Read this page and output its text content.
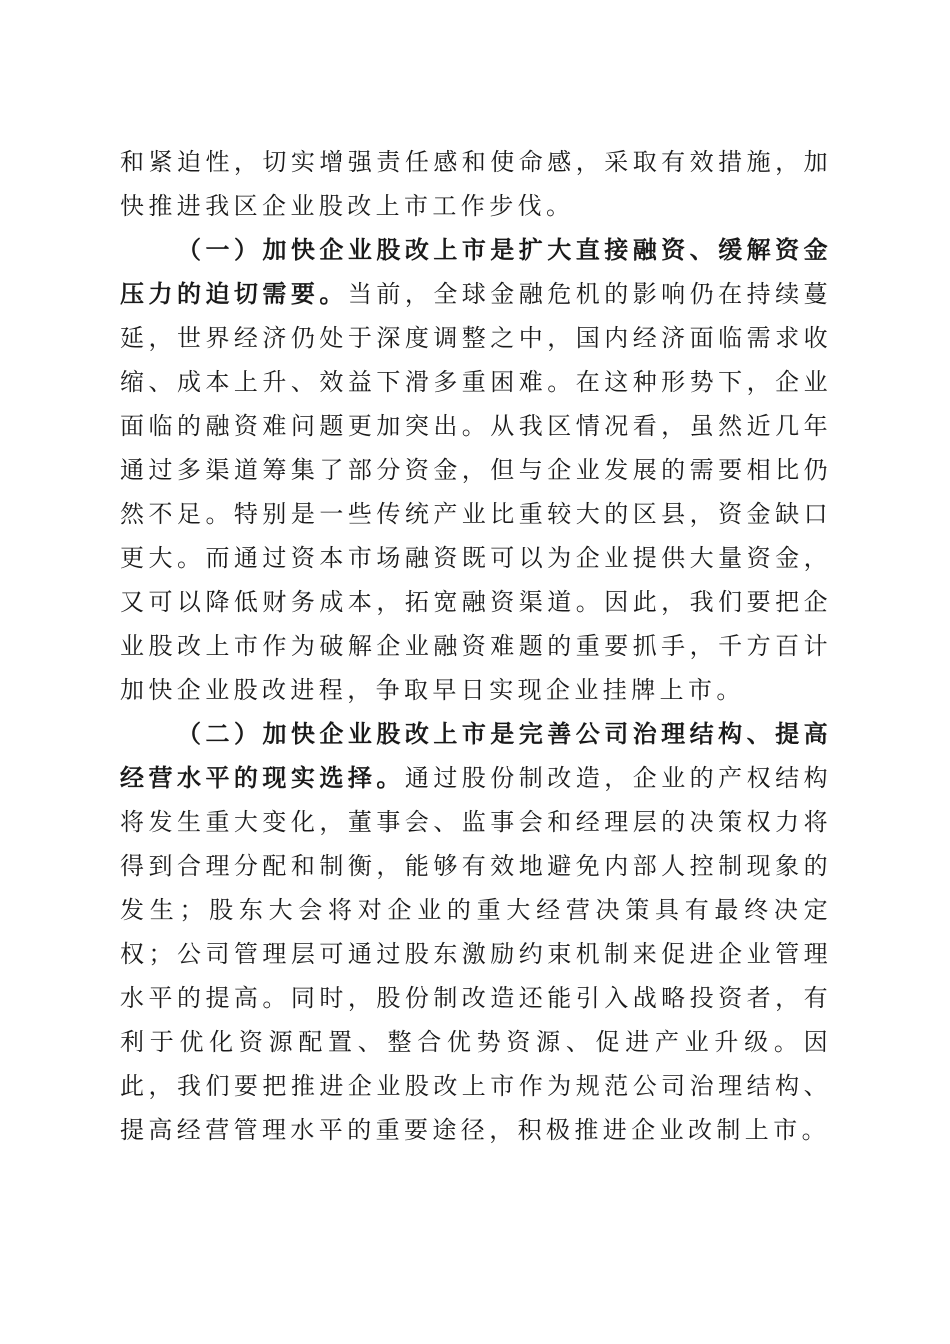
和紧迫性，切实增强责任感和使命感，采取有效措施，加快推进我区企业股改上市工作步伐。

（一）加快企业股改上市是扩大直接融资、缓解资金压力的迫切需要。当前，全球金融危机的影响仍在持续蔓延，世界经济仍处于深度调整之中，国内经济面临需求收缩、成本上升、效益下滑多重困难。在这种形势下，企业面临的融资难问题更加突出。从我区情况看，虽然近几年通过多渠道筹集了部分资金，但与企业发展的需要相比仍然不足。特别是一些传统产业比重较大的区县，资金缺口更大。而通过资本市场融资既可以为企业提供大量资金，又可以降低财务成本，拓宽融资渠道。因此，我们要把企业股改上市作为破解企业融资难题的重要抓手，千方百计加快企业股改进程，争取早日实现企业挂牌上市。

（二）加快企业股改上市是完善公司治理结构、提高经营水平的现实选择。通过股份制改造，企业的产权结构将发生重大变化，董事会、监事会和经理层的决策权力将得到合理分配和制衡，能够有效地避免内部人控制现象的发生；股东大会将对企业的重大经营决策具有最终决定权；公司管理层可通过股东激励约束机制来促进企业管理水平的提高。同时，股份制改造还能引入战略投资者，有利于优化资源配置、整合优势资源、促进产业升级。因此，我们要把推进企业股改上市作为规范公司治理结构、提高经营管理水平的重要途径，积极推进企业改制上市。
